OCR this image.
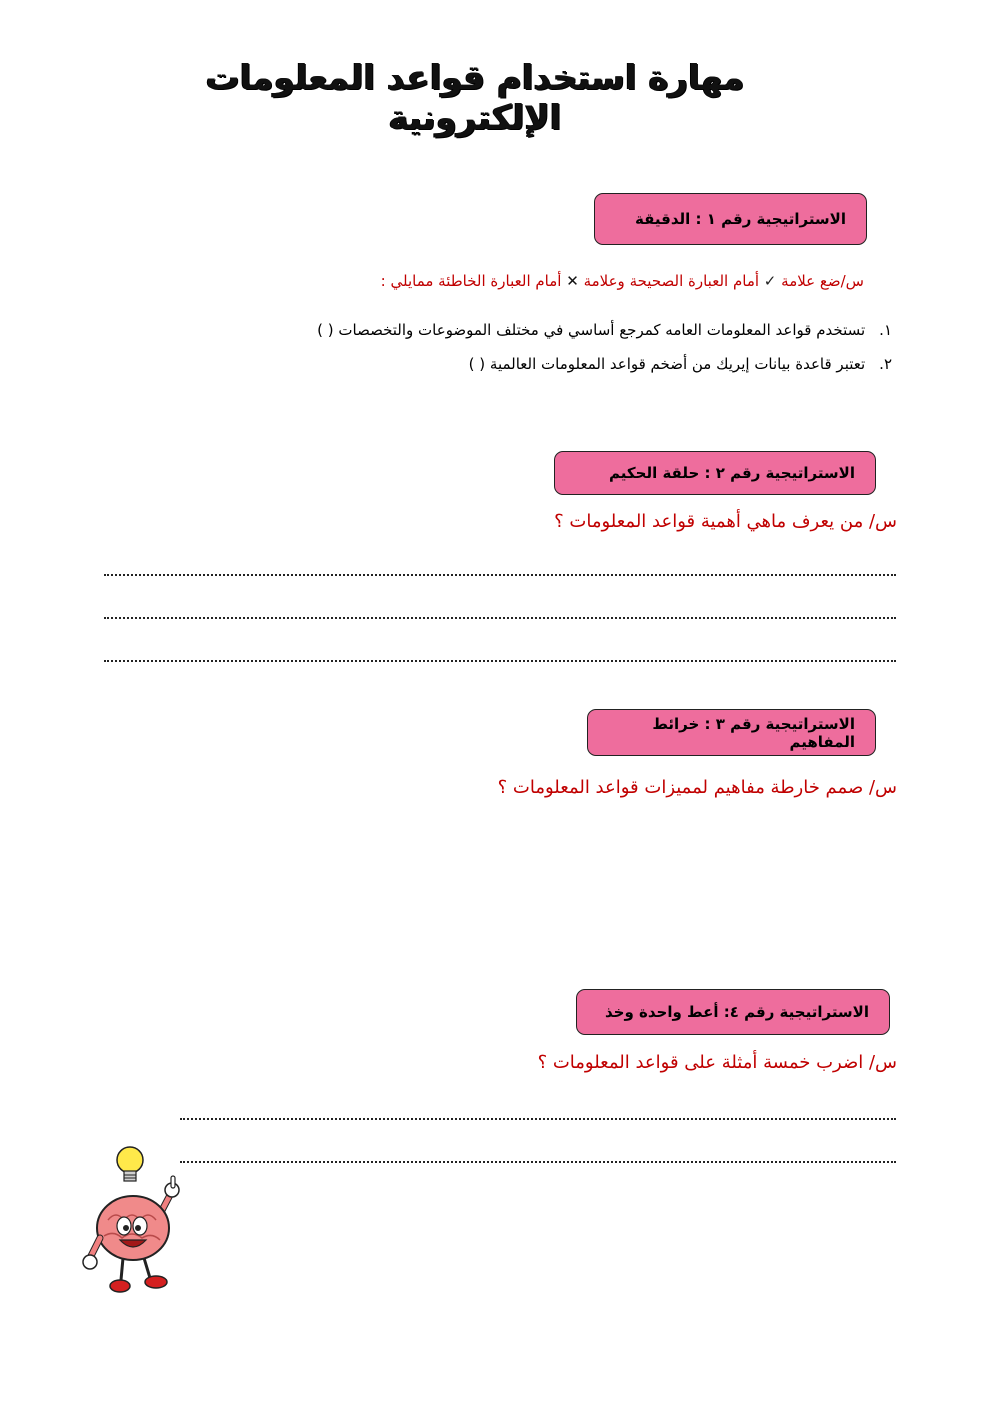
مهارة استخدام قواعد المعلومات الإلكترونية
الاستراتيجية رقم ١ : الدقيقة
س/ضع علامة ✓ أمام العبارة الصحيحة وعلامة ✕ أمام العبارة الخاطئة ممايلي :
١.
تستخدم قواعد المعلومات العامه كمرجع أساسي في مختلف الموضوعات والتخصصات ( )
٢.
تعتبر قاعدة بيانات إيريك من أضخم قواعد المعلومات العالمية ( )
الاستراتيجية رقم ٢ : حلقة الحكيم
س/ من يعرف ماهي أهمية قواعد المعلومات ؟
الاستراتيجية رقم ٣ : خرائط المفاهيم
س/ صمم خارطة مفاهيم لمميزات قواعد المعلومات ؟
الاستراتيجية رقم ٤: أعط واحدة وخذ
س/ اضرب خمسة أمثلة على قواعد المعلومات ؟
